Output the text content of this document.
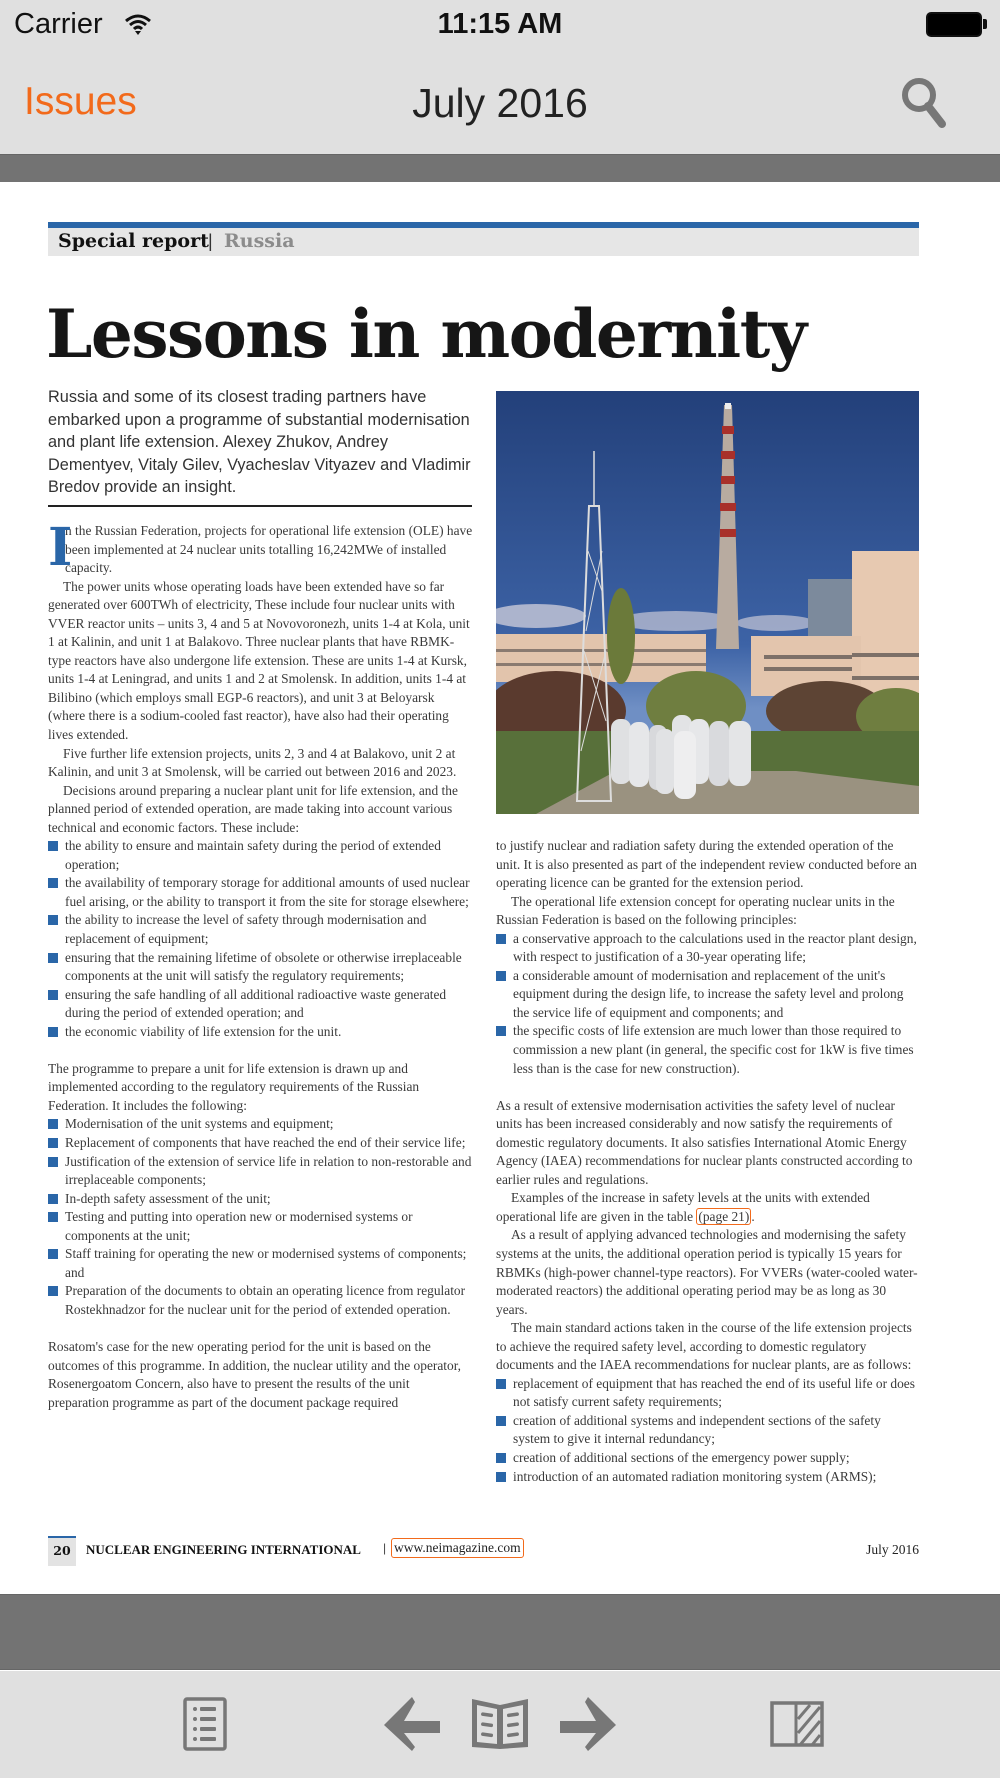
Carrier	11:15 AM
Issues	July 2016
Special report | Russia
Lessons in modernity
Russia and some of its closest trading partners have embarked upon a programme of substantial modernisation and plant life extension. Alexey Zhukov, Andrey Dementyev, Vitaly Gilev, Vyacheslav Vityazev and Vladimir Bredov provide an insight.
I

n the Russian Federation, projects for operational life extension (OLE) have been implemented at 24 nuclear units totalling 16,242MWe of installed capacity.

The power units whose operating loads have been extended have so far generated over 600TWh of electricity, These include four nuclear units with VVER reactor units – units 3, 4 and 5 at Novovoronezh, units 1-4 at Kola, unit 1 at Kalinin, and unit 1 at Balakovo. Three nuclear plants that have RBMK-type reactors have also undergone life extension. These are units 1-4 at Kursk, units 1-4 at Leningrad, and units 1 and 2 at Smolensk. In addition, units 1-4 at Bilibino (which employs small EGP-6 reactors), and unit 3 at Beloyarsk (where there is a sodium-cooled fast reactor), have also had their operating lives extended.

Five further life extension projects, units 2, 3 and 4 at Balakovo, unit 2 at Kalinin, and unit 3 at Smolensk, will be carried out between 2016 and 2023.

Decisions around preparing a nuclear plant unit for life extension, and the planned period of extended operation, are made taking into account various technical and economic factors. These include:

the ability to ensure and maintain safety during the period of extended operation;
the availability of temporary storage for additional amounts of used nuclear fuel arising, or the ability to transport it from the site for storage elsewhere;
the ability to increase the level of safety through modernisation and replacement of equipment;
ensuring that the remaining lifetime of obsolete or otherwise irreplaceable components at the unit will satisfy the regulatory requirements;
ensuring the safe handling of all additional radioactive waste generated during the period of extended operation; and
the economic viability of life extension for the unit.

The programme to prepare a unit for life extension is drawn up and implemented according to the regulatory requirements of the Russian Federation. It includes the following:

Modernisation of the unit systems and equipment;
Replacement of components that have reached the end of their service life;
Justification of the extension of service life in relation to non-restorable and irreplaceable components;
In-depth safety assessment of the unit;
Testing and putting into operation new or modernised systems or components at the unit;
Staff training for operating the new or modernised systems of components; and
Preparation of the documents to obtain an operating licence from regulator Rostekhnadzor for the nuclear unit for the period of extended operation.

Rosatom's case for the new operating period for the unit is based on the outcomes of this programme. In addition, the nuclear utility and the operator, Rosenergoatom Concern, also have to present the results of the unit preparation programme as part of the document package required

to justify nuclear and radiation safety during the extended operation of the unit. It is also presented as part of the independent review conducted before an operating licence can be granted for the extension period.

The operational life extension concept for operating nuclear units in the Russian Federation is based on the following principles:

a conservative approach to the calculations used in the reactor plant design, with respect to justification of a 30-year operating life;
a considerable amount of modernisation and replacement of the unit's equipment during the design life, to increase the safety level and prolong the service life of equipment and components; and
the specific costs of life extension are much lower than those required to commission a new plant (in general, the specific cost for 1kW is five times less than is the case for new construction).

As a result of extensive modernisation activities the safety level of nuclear units has been increased considerably and now satisfy the requirements of domestic regulatory documents. It also satisfies International Atomic Energy Agency (IAEA) recommendations for nuclear plants constructed according to earlier rules and regulations.

Examples of the increase in safety levels at the units with extended operational life are given in the table (page 21) .

As a result of applying advanced technologies and modernising the safety systems at the units, the additional operation period is typically 15 years for RBMKs (high-power channel-type reactors). For VVERs (water-cooled water-moderated reactors) the additional operating period may be as long as 30 years.

The main standard actions taken in the course of the life extension projects to achieve the required safety level, according to domestic regulatory documents and the IAEA recommendations for nuclear plants, are as follows:

replacement of equipment that has reached the end of its useful life or does not satisfy current safety requirements;
creation of additional systems and independent sections of the safety system to give it internal redundancy;
creation of additional sections of the emergency power supply;
introduction of an automated radiation monitoring system (ARMS);
20	NUCLEAR ENGINEERING INTERNATIONAL | www.neimagazine.com	July 2016
